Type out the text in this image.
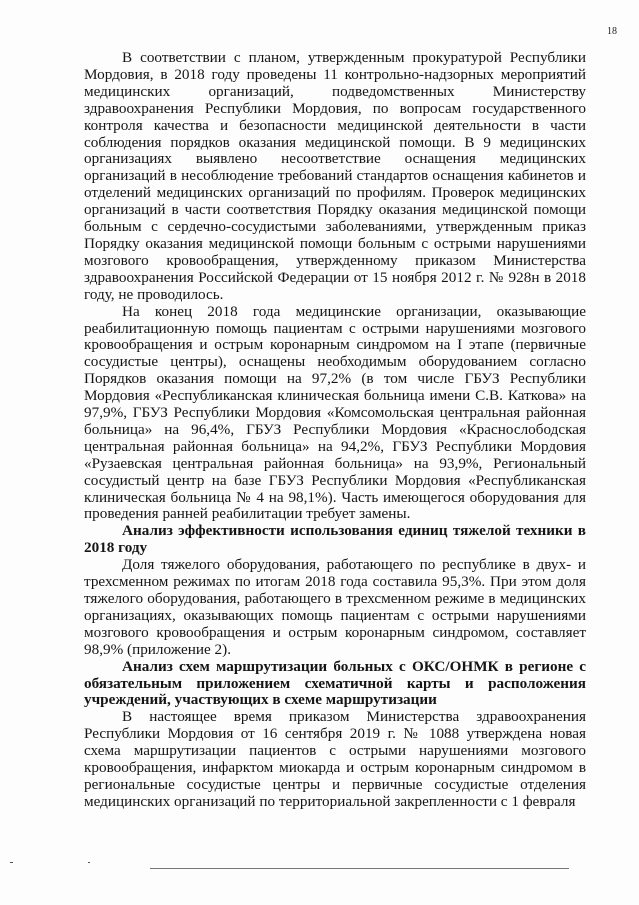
18

В соответствии с планом, утвержденным прокуратурой Республики Мордовия, в 2018 году проведены 11 контрольно-надзорных мероприятий медицинских организаций, подведомственных Министерству здравоохранения Республики Мордовия, по вопросам государственного контроля качества и безопасности медицинской деятельности в части соблюдения порядков оказания медицинской помощи. В 9 медицинских организациях выявлено несоответствие оснащения медицинских организаций в несоблюдение требований стандартов оснащения кабинетов и отделений медицинских организаций по профилям. Проверок медицинских организаций в части соответствия Порядку оказания медицинской помощи больным с сердечно-сосудистыми заболеваниями, утвержденным приказ Порядку оказания медицинской помощи больным с острыми нарушениями мозгового кровообращения, утвержденному приказом Министерства здравоохранения Российской Федерации от 15 ноября 2012 г. № 928н в 2018 году, не проводилось.

На конец 2018 года медицинские организации, оказывающие реабилитационную помощь пациентам с острыми нарушениями мозгового кровообращения и острым коронарным синдромом на I этапе (первичные сосудистые центры), оснащены необходимым оборудованием согласно Порядков оказания помощи на 97,2% (в том числе ГБУЗ Республики Мордовия «Республиканская клиническая больница имени С.В. Каткова» на 97,9%, ГБУЗ Республики Мордовия «Комсомольская центральная районная больница» на 96,4%, ГБУЗ Республики Мордовия «Краснослободская центральная районная больница» на 94,2%, ГБУЗ Республики Мордовия «Рузаевская центральная районная больница» на 93,9%, Региональный сосудистый центр на базе ГБУЗ Республики Мордовия «Республиканская клиническая больница № 4 на 98,1%). Часть имеющегося оборудования для проведения ранней реабилитации требует замены.

Анализ эффективности использования единиц тяжелой техники в 2018 году

Доля тяжелого оборудования, работающего по республике в двух- и трехсменном режимах по итогам 2018 года составила 95,3%. При этом доля тяжелого оборудования, работающего в трехсменном режиме в медицинских организациях, оказывающих помощь пациентам с острыми нарушениями мозгового кровообращения и острым коронарным синдромом, составляет 98,9% (приложение 2).

Анализ схем маршрутизации больных с ОКС/ОНМК в регионе с обязательным приложением схематичной карты и расположения учреждений, участвующих в схеме маршрутизации

В настоящее время приказом Министерства здравоохранения Республики Мордовия от 16 сентября 2019 г. № 1088 утверждена новая схема маршрутизации пациентов с острыми нарушениями мозгового кровообращения, инфарктом миокарда и острым коронарным синдромом в региональные сосудистые центры и первичные сосудистые отделения медицинских организаций по территориальной закрепленности с 1 февраля
